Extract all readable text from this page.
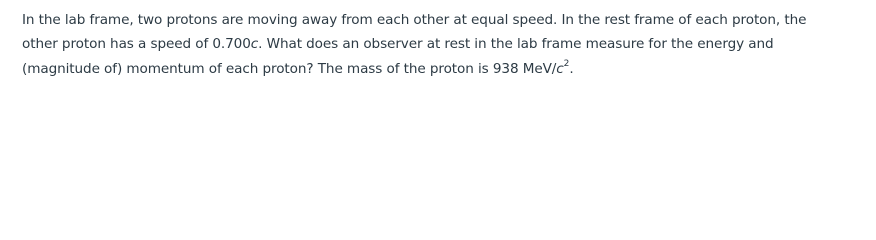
In the lab frame, two protons are moving away from each other at equal speed. In the rest frame of each proton, the
other proton has a speed of 0.700c. What does an observer at rest in the lab frame measure for the energy and
(magnitude of) momentum of each proton? The mass of the proton is 938 MeV/$c^2$.
